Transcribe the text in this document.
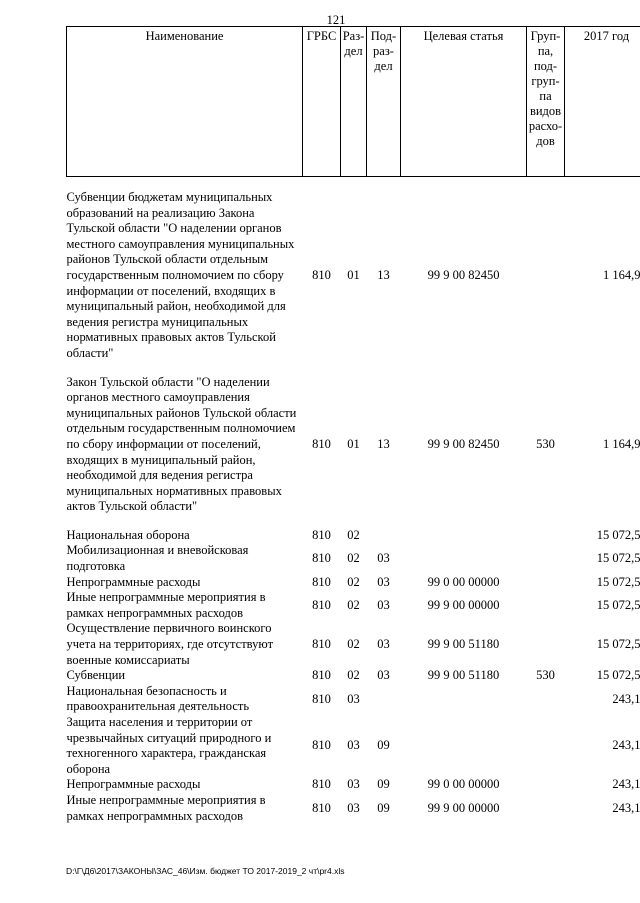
121
Наименование	ГРБС	Раз- дел	Под- раз- дел	Целевая статья	Груп- па, под- груп- па видов расхо- дов	2017 год

Субвенции бюджетам муниципальных образований на реализацию Закона Тульской области "О наделении органов местного самоуправления муниципальных районов Тульской области отдельным государственным полномочием по сбору информации от поселений, входящих в муниципальный район, необходимой для ведения регистра муниципальных нормативных правовых актов Тульской области"	810	01	13	99 9 00 82450		1 164,9

Закон Тульской области "О наделении органов местного самоуправления муниципальных районов Тульской области отдельным государственным полномочием по сбору информации от поселений, входящих в муниципальный район, необходимой для ведения регистра муниципальных нормативных правовых актов Тульской области"	810	01	13	99 9 00 82450	530	1 164,9

Национальная оборона	810	02				15 072,5
Мобилизационная и вневойсковая подготовка	810	02	03			15 072,5
Непрограммные расходы	810	02	03	99 0 00 00000		15 072,5
Иные непрограммные мероприятия в рамках непрограммных расходов	810	02	03	99 9 00 00000		15 072,5
Осуществление первичного воинского учета на территориях, где отсутствуют военные комиссариаты	810	02	03	99 9 00 51180		15 072,5
Субвенции	810	02	03	99 9 00 51180	530	15 072,5
Национальная безопасность и правоохранительная деятельность	810	03				243,1
Защита населения и территории от чрезвычайных ситуаций природного и техногенного характера, гражданская оборона	810	03	09			243,1
Непрограммные расходы	810	03	09	99 0 00 00000		243,1
Иные непрограммные мероприятия в рамках непрограммных расходов	810	03	09	99 9 00 00000		243,1
D:\Г\Д6\2017\ЗАКОНЫ\ЗАС_46\Изм. бюджет ТО 2017-2019_2 чт\pr4.xls
